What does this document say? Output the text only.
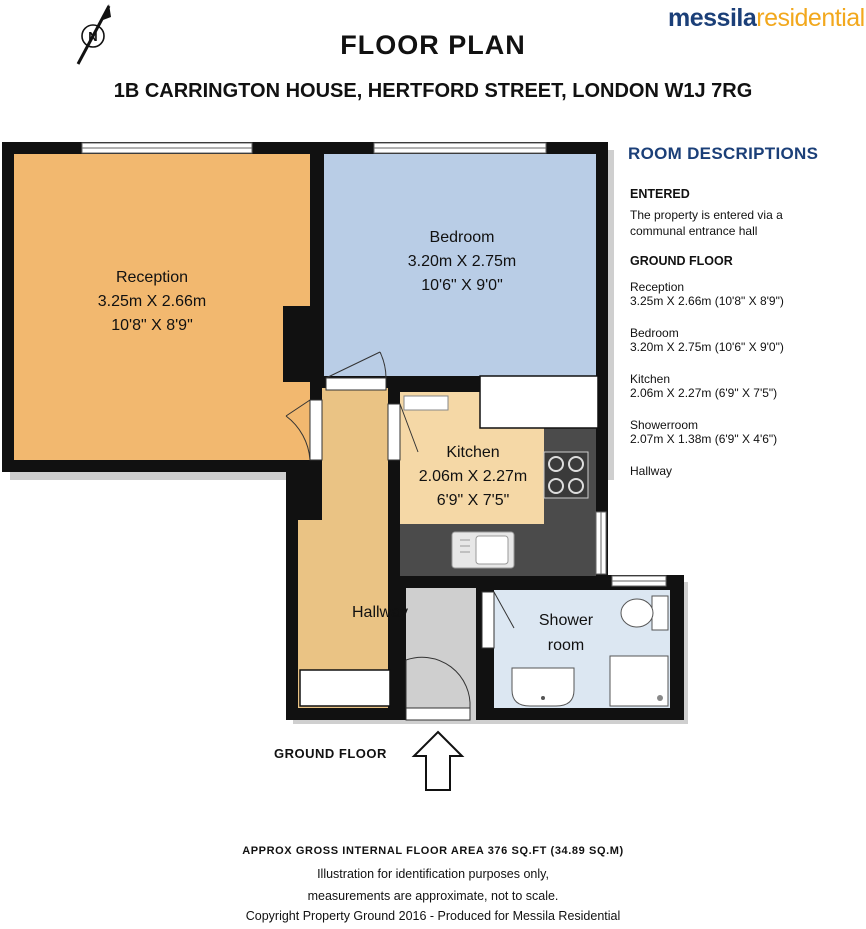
FLOOR PLAN
1B CARRINGTON HOUSE, HERTFORD STREET, LONDON W1J 7RG
messilaresidential
N
Reception
3.25m X 2.66m
10'8" X 8'9"
Bedroom
3.20m X 2.75m
10'6" X 9'0"
Kitchen
2.06m X 2.27m
6'9" X 7'5"
Hallway	Shower
room
ROOM DESCRIPTIONS
ENTERED
The property is entered via a
communal entrance hall
GROUND FLOOR
Reception
3.25m X 2.66m (10'8" X 8'9")
Bedroom
3.20m X 2.75m (10'6" X 9'0")
Kitchen
2.06m X 2.27m (6'9" X 7'5")
Showerroom
2.07m X 1.38m (6'9" X 4'6")
Hallway
GROUND FLOOR
APPROX GROSS INTERNAL FLOOR AREA 376 SQ.FT (34.89 SQ.M)
Illustration for identification purposes only,
measurements are approximate, not to scale.
Copyright Property Ground 2016 - Produced for Messila Residential
